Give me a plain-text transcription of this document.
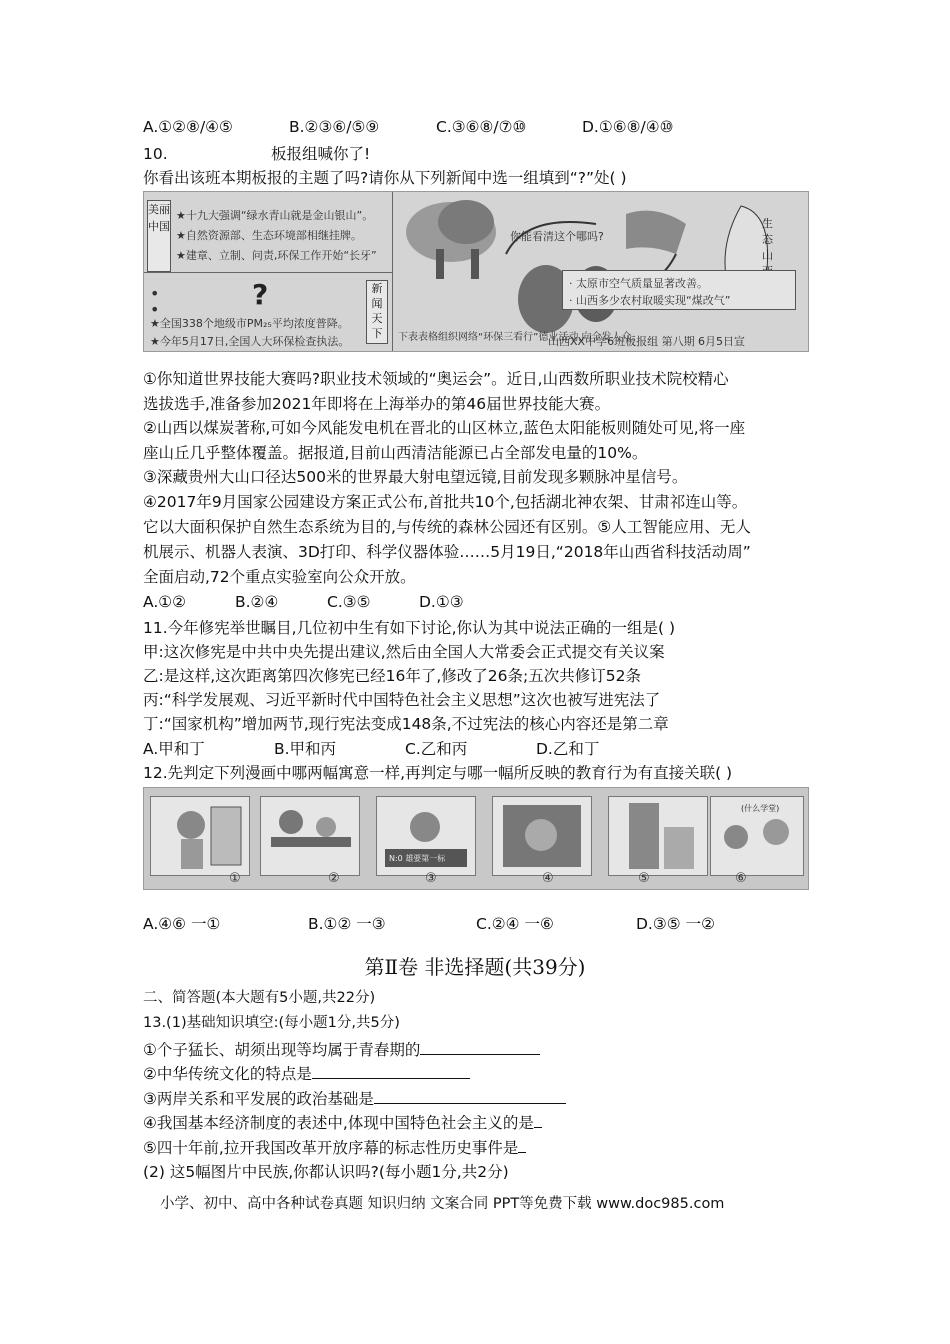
A.①②⑧/④⑤	B.②③⑥/⑤⑨	C.③⑥⑧/⑦⑩	D.①⑥⑧/④⑩
10.	板报组喊你了!
你看出该班本期板报的主题了吗?请你从下列新闻中选一组填到“?”处( )
美丽中国
★十九大强调“绿水青山就是金山银山”。
★自然资源部、生态环境部相继挂牌。
★建章、立制、问责,环保工作开始“长牙”
•
•	?	新闻天下
★全国338个地级市PM₂₅平均浓度普降。
★今年5月17日,全国人大环保检查执法。
你能看清这个哪吗?
生态山
· 太原市空气质量显著改善。
· 山西多少农村取暖实现“煤改气”
下表表格组织网络“环保三看行”德业活动,向全发人众。
山西XX中学6班板报组 第八期 6月5日宣
①你知道世界技能大赛吗?职业技术领域的“奥运会”。近日,山西数所职业技术院校精心
选拔选手,准备参加2021年即将在上海举办的第46届世界技能大赛。
②山西以煤炭著称,可如今风能发电机在晋北的山区林立,蓝色太阳能板则随处可见,将一座
座山丘几乎整体覆盖。据报道,目前山西清洁能源已占全部发电量的10%。
③深藏贵州大山口径达500米的世界最大射电望远镜,目前发现多颗脉冲星信号。
④2017年9月国家公园建设方案正式公布,首批共10个,包括湖北神农架、甘肃祁连山等。
它以大面积保护自然生态系统为目的,与传统的森林公园还有区别。⑤人工智能应用、无人
机展示、机器人表演、3D打印、科学仪器体验……5月19日,“2018年山西省科技活动周”
全面启动,72个重点实验室向公众开放。
A.①②	B.②④	C.③⑤	D.①③
11.今年修宪举世瞩目,几位初中生有如下讨论,你认为其中说法正确的一组是( )
甲:这次修宪是中共中央先提出建议,然后由全国人大常委会正式提交有关议案
乙:是这样,这次距离第四次修宪已经16年了,修改了26条;五次共修订52条
丙:“科学发展观、习近平新时代中国特色社会主义思想”这次也被写进宪法了
丁:“国家机构”增加两节,现行宪法变成148条,不过宪法的核心内容还是第二章
A.甲和丁	B.甲和丙	C.乙和丙	D.乙和丁
12.先判定下列漫画中哪两幅寓意一样,再判定与哪一幅所反映的教育行为有直接关联( )
N:0 雄要第一标
(什么学堂)
①	②	③	④	⑤	⑥
A.④⑥ 一①	B.①② 一③	C.②④ 一⑥	D.③⑤ 一②
第Ⅱ卷 非选择题(共39分)
二、简答题(本大题有5小题,共22分)
13.(1)基础知识填空:(每小题1分,共5分)
①个子猛长、胡须出现等均属于青春期的
②中华传统文化的特点是
③两岸关系和平发展的政治基础是
④我国基本经济制度的表述中,体现中国特色社会主义的是
⑤四十年前,拉开我国改革开放序幕的标志性历史事件是
(2) 这5幅图片中民族,你都认识吗?(每小题1分,共2分)
小学、初中、高中各种试卷真题 知识归纳 文案合同 PPT等免费下载 www.doc985.com
